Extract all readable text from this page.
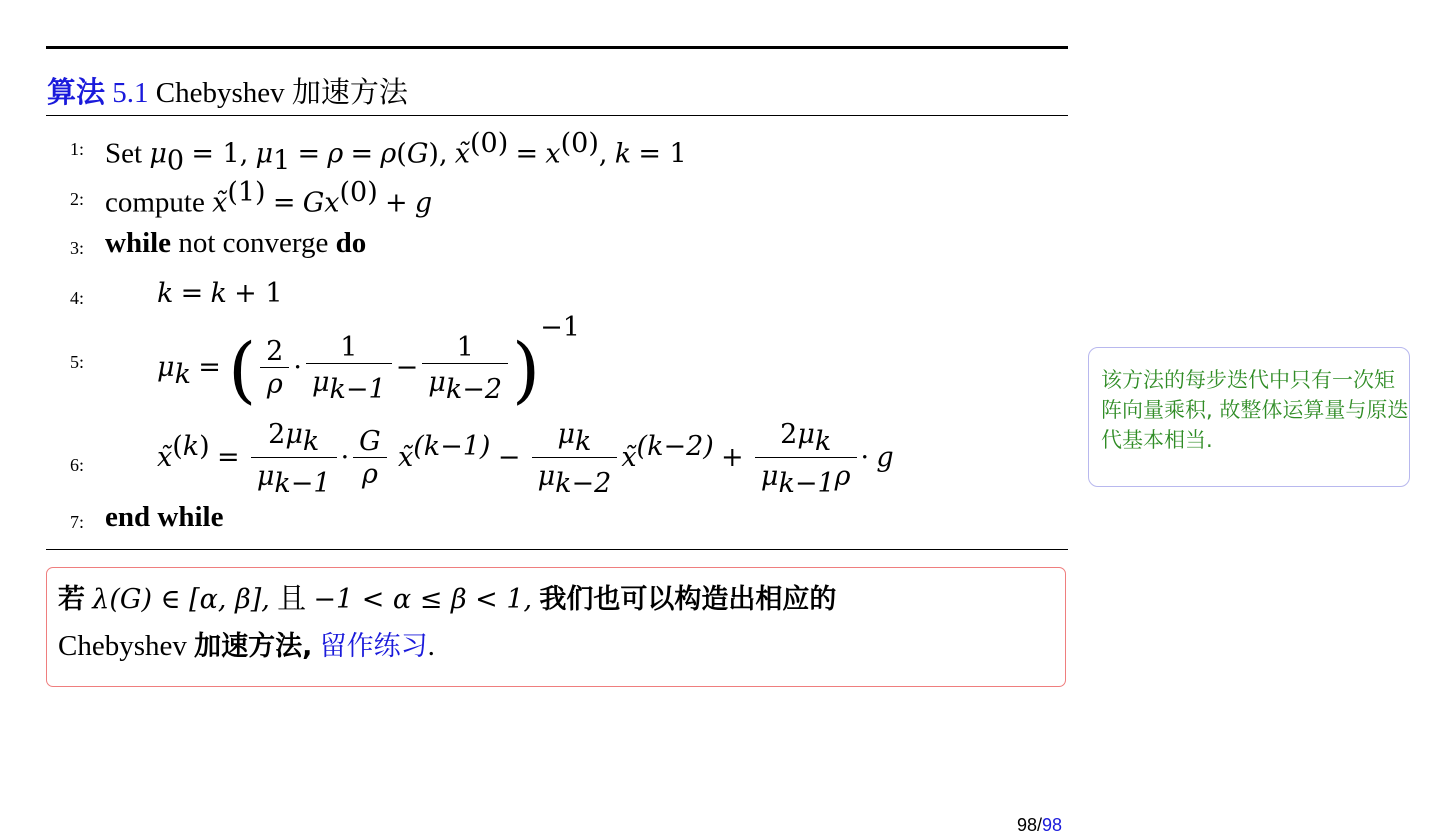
算法 5.1 Chebyshev 加速方法
1: Set $\mu_0 = 1$, $\mu_1 = \rho = \rho(G)$, x̃$^{(0)}$ = $x^{(0)}$, k = 1
2: compute x̃$^{(1)}$ = $Gx^{(0)} + g$
3: while not converge do
4:	k = k + 1
5:	$\mu_k$ = ( $\frac{2}{\rho} \cdot \frac{1}{\mu_{k-1}} - \frac{1}{\mu_{k-2}} )^{-1}$
6:	x̃$^{(k)}$ = $\frac{2\mu_k}{\mu_{k-1}} \cdot \frac{G}{\rho}$ x̃$^{(k-1)}$ − $\frac{\mu_k}{\mu_{k-2}}$ x̃$^{(k-2)}$ + $\frac{2\mu_k}{\mu_{k-1}\rho} \cdot g$
7: end while
若 λ(G) ∈ [α, β], 且 −1 < α ≤ β < 1, 我们也可以构造出相应的
Chebyshev 加速方法, 留作练习.
该方法的每步迭代中只有一次矩阵向量乘积, 故整体运算量与原迭代基本相当.
98/98
